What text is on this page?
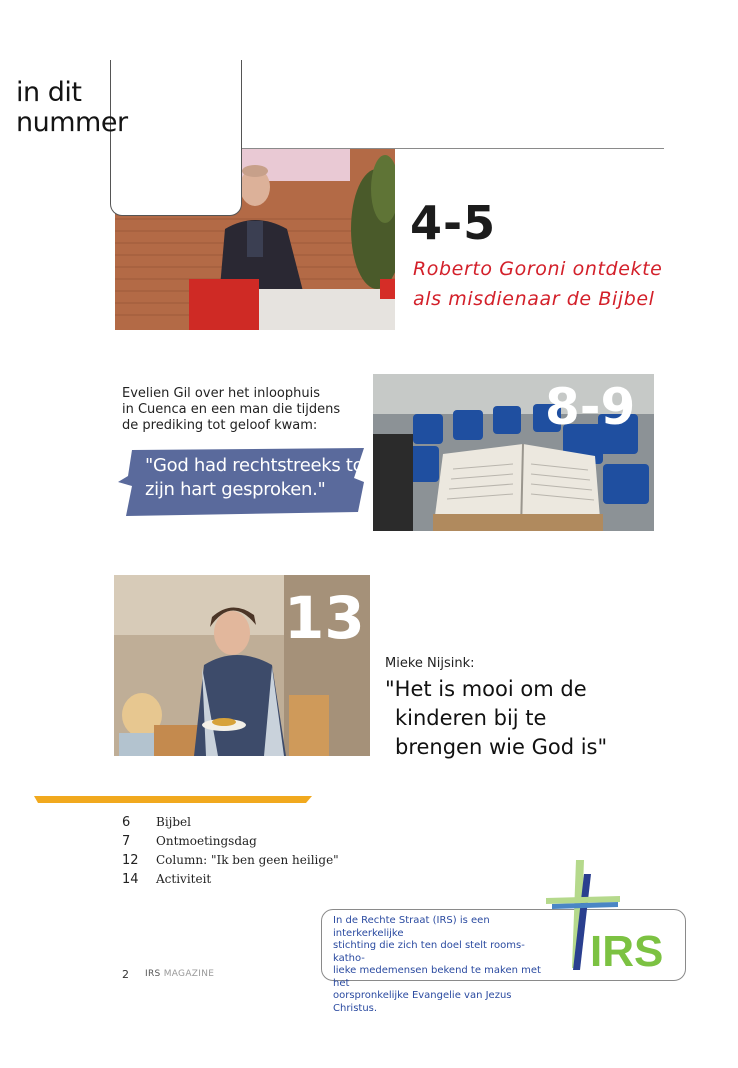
in dit
nummer
4-5
Roberto Goroni ontdekte
als misdienaar de Bijbel
Evelien Gil over het inloophuis
in Cuenca en een man die tijdens
de prediking tot geloof kwam:
"God had rechtstreeks tot
zijn hart gesproken."
8-9
13
Mieke Nijsink:
"Het is mooi om de
kinderen bij te
brengen wie God is"
6	Bijbel
7	Ontmoetingsdag
12	Column: "Ik ben geen heilige"
14	Activiteit
2 IRS MAGAZINE
In de Rechte Straat (IRS) is een interkerkelijke
stichting die zich ten doel stelt rooms-katho-
lieke medemensen bekend te maken met het
oorspronkelijke Evangelie van Jezus Christus.
IRS
